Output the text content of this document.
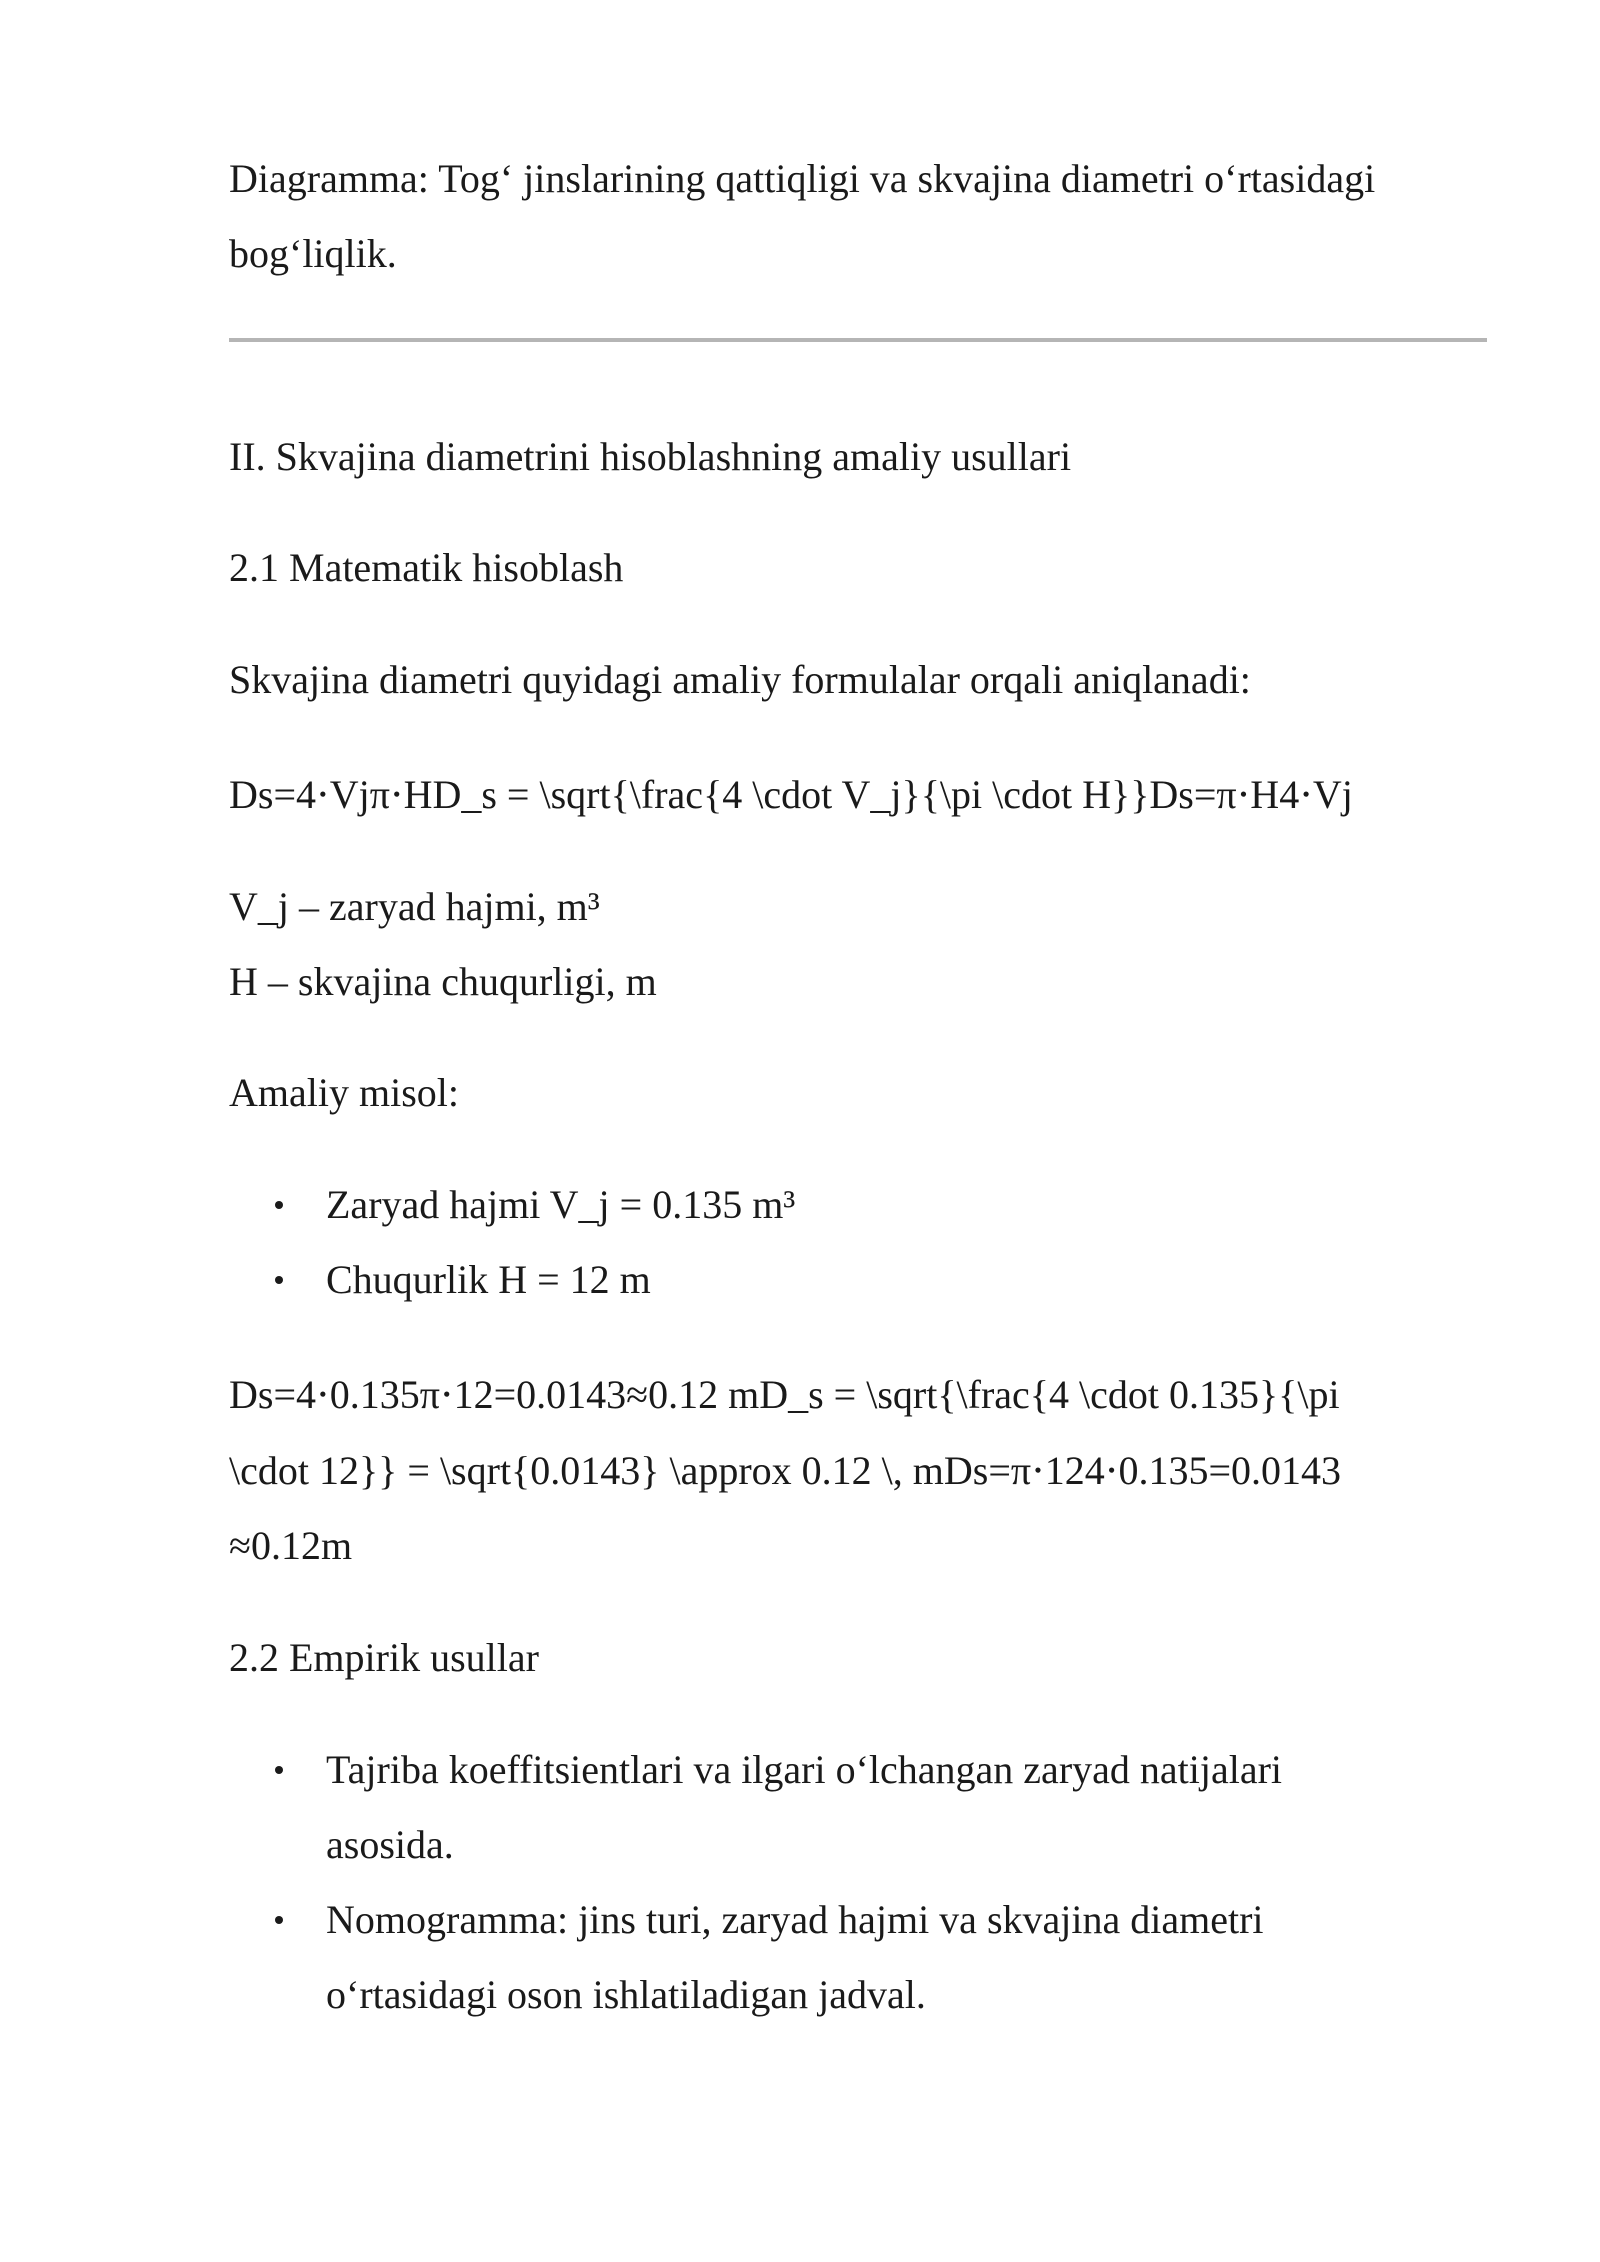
Diagramma: Tog‘ jinslarining qattiqligi va skvajina diametri o‘rtasidagi
bog‘liqlik.
II. Skvajina diametrini hisoblashning amaliy usullari
2.1 Matematik hisoblash
Skvajina diametri quyidagi amaliy formulalar orqali aniqlanadi:
Ds=4⋅Vjπ⋅HD_s = \sqrt{\frac{4 \cdot V_j}{\pi \cdot H}}Ds​=π⋅H4⋅Vj​​​
V_j – zaryad hajmi, m³
H – skvajina chuqurligi, m
Amaliy misol:
Zaryad hajmi V_j = 0.135 m³
Chuqurlik H = 12 m
Ds=4⋅0.135π⋅12=0.0143≈0.12 mD_s = \sqrt{\frac{4 \cdot 0.135}{\pi
\cdot 12}} = \sqrt{0.0143} \approx 0.12 \, mDs​=π⋅124⋅0.135​​=0.0143
​≈0.12m
2.2 Empirik usullar
Tajriba koeffitsientlari va ilgari o‘lchangan zaryad natijalari
asosida.
Nomogramma: jins turi, zaryad hajmi va skvajina diametri
o‘rtasidagi oson ishlatiladigan jadval.
